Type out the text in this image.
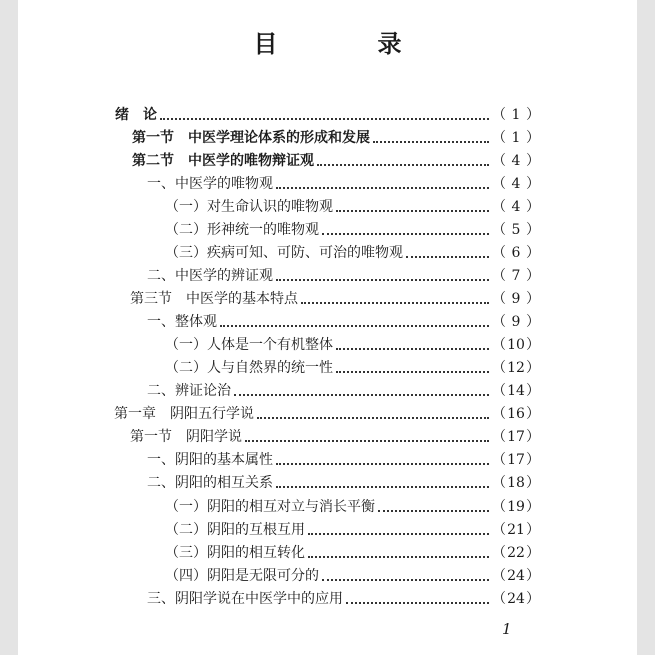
目　录
绪　论	（ 1 ）
第一节　中医学理论体系的形成和发展	（ 1 ）
第二节　中医学的唯物辩证观	（ 4 ）
一、中医学的唯物观	（ 4 ）
（一）对生命认识的唯物观	（ 4 ）
（二）形神统一的唯物观	（ 5 ）
（三）疾病可知、可防、可治的唯物观	（ 6 ）
二、中医学的辨证观	（ 7 ）
第三节　中医学的基本特点	（ 9 ）
一、整体观	（ 9 ）
（一）人体是一个有机整体	（ 10 ）
（二）人与自然界的统一性	（ 12 ）
二、辨证论治	（ 14 ）
第一章　阴阳五行学说	（ 16 ）
第一节　阴阳学说	（ 17 ）
一、阴阳的基本属性	（ 17 ）
二、阴阳的相互关系	（ 18 ）
（一）阴阳的相互对立与消长平衡	（ 19 ）
（二）阴阳的互根互用	（ 21 ）
（三）阴阳的相互转化	（ 22 ）
（四）阴阳是无限可分的	（ 24 ）
三、阴阳学说在中医学中的应用	（ 24 ）
1
